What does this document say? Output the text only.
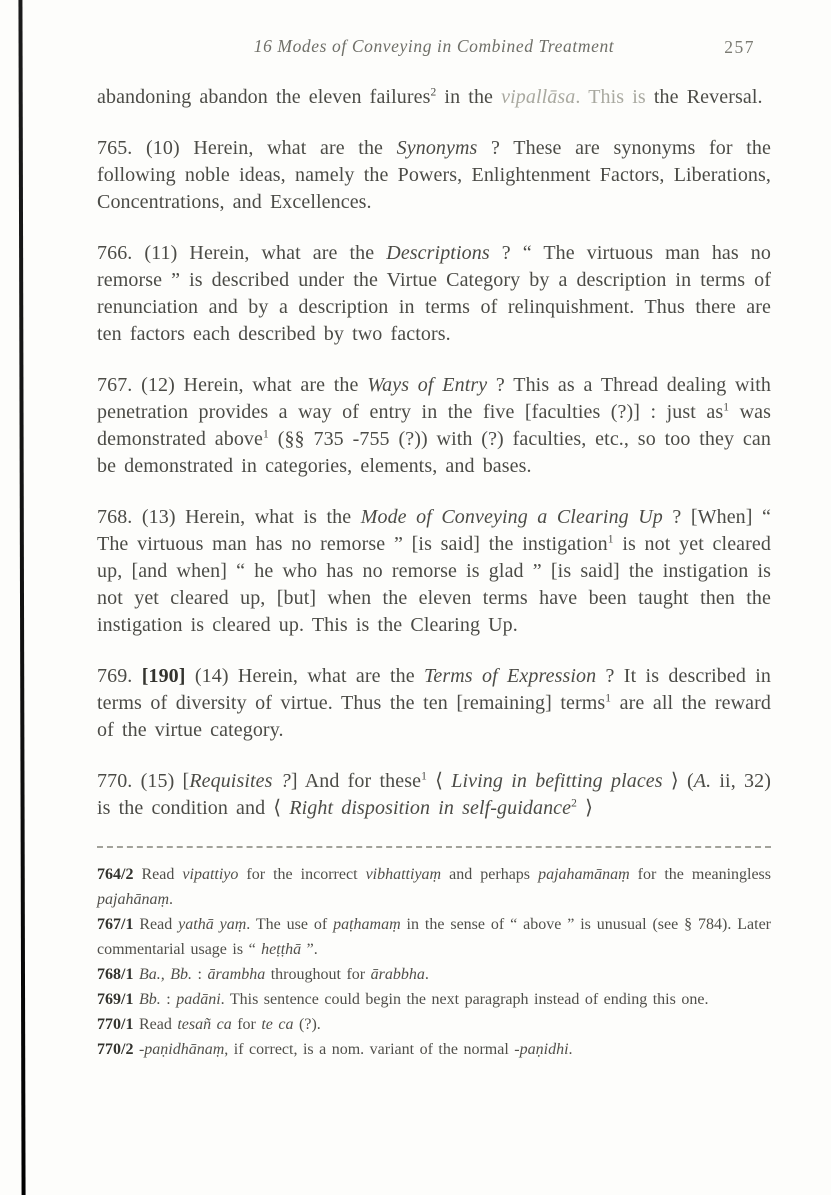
16 Modes of Conveying in Combined Treatment	257

abandoning abandon the eleven failures$^2$ in the vipallāsa. This is the Reversal.

765. (10) Herein, what are the Synonyms ? These are synonyms for the following noble ideas, namely the Powers, Enlightenment Factors, Liberations, Concentrations, and Excellences.

766. (11) Herein, what are the Descriptions ? “ The virtuous man has no remorse ” is described under the Virtue Category by a description in terms of renunciation and by a description in terms of relinquishment. Thus there are ten factors each described by two factors.

767. (12) Herein, what are the Ways of Entry ? This as a Thread dealing with penetration provides a way of entry in the five [faculties (?)] : just $as^1$ was demonstrated above$^1$ (§§ 735 -755 (?)) with (?) faculties, etc., so too they can be demonstrated in categories, elements, and bases.

768. (13) Herein, what is the Mode of Conveying a Clearing Up ? [When] “ The virtuous man has no remorse ” [is said] the instigation$^1$ is not yet cleared up, [and when] “ he who has no remorse is glad ” [is said] the instigation is not yet cleared up, [but] when the eleven terms have been taught then the instigation is cleared up. This is the Clearing Up.

769. [190] (14) Herein, what are the Terms of Expression ? It is described in terms of diversity of virtue. Thus the ten [remaining] terms$^1$ are all the reward of the virtue category.

770. (15) [Requisites ?] And for these$^1$ ⟨ Living in befitting places ⟩ (A. ii, 32) is the condition and ⟨ Right disposition in self-guidance$^2$ ⟩

764/2 Read vipattiyo for the incorrect vibhattiyaṃ and perhaps pajahamānaṃ for the meaningless pajahānaṃ.

767/1 Read yathā yaṃ. The use of paṭhamaṃ in the sense of “ above ” is unusual (see § 784). Later commentarial usage is “ heṭṭhā ”.

768/1 Ba., Bb. : ārambha throughout for ārabbha.

769/1 Bb. : padāni. This sentence could begin the next paragraph instead of ending this one.

770/1 Read tesañ ca for te ca (?).

770/2 -paṇidhānaṃ, if correct, is a nom. variant of the normal -paṇidhi.
